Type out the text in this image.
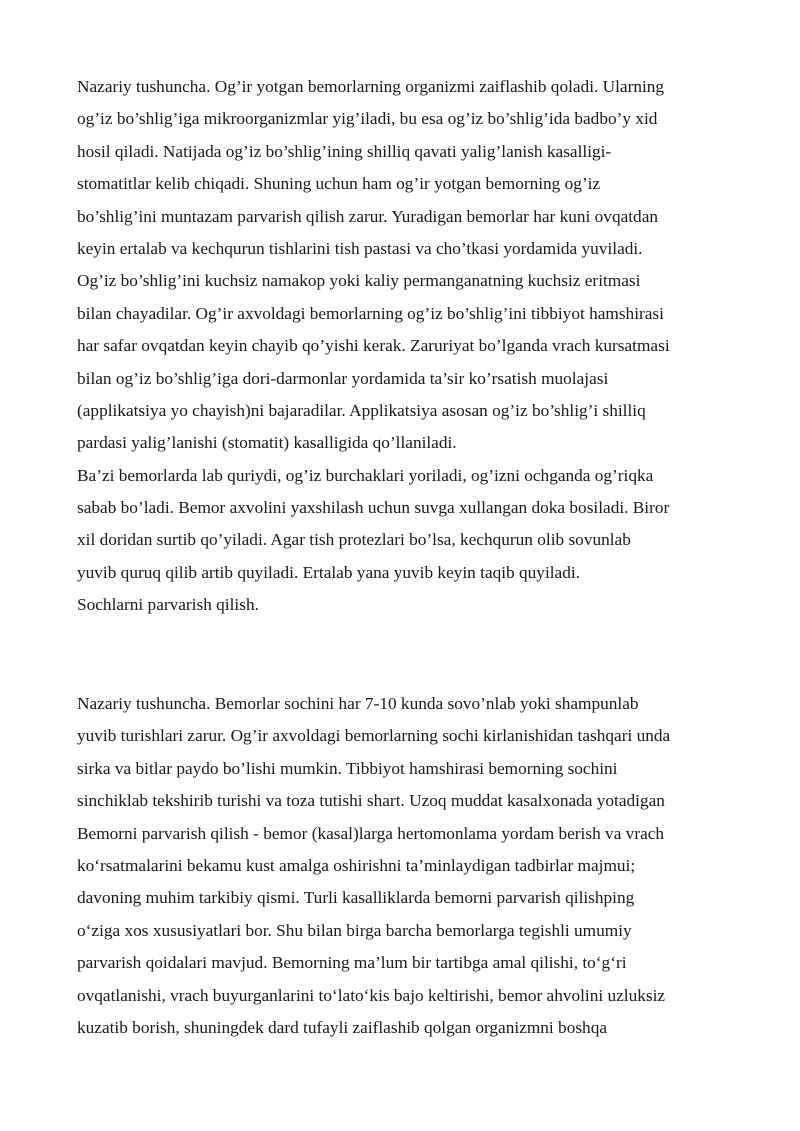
Nazariy tushuncha. Og’ir yotgan bemorlarning organizmi zaiflashib qoladi. Ularning
og’iz bo’shlig’iga mikroorganizmlar yig’iladi, bu esa og’iz bo’shlig’ida badbo’y xid
hosil qiladi. Natijada og’iz bo’shlig’ining shilliq qavati yalig’lanish kasalligi-
stomatitlar kelib chiqadi. Shuning uchun ham og’ir yotgan bemorning og’iz
bo’shlig’ini muntazam parvarish qilish zarur. Yuradigan bemorlar har kuni ovqatdan
keyin ertalab va kechqurun tishlarini tish pastasi va cho’tkasi yordamida yuviladi.
Og’iz bo’shlig’ini kuchsiz namakop yoki kaliy permanganatning kuchsiz eritmasi
bilan chayadilar. Og’ir axvoldagi bemorlarning og’iz bo’shlig’ini tibbiyot hamshirasi
har safar ovqatdan keyin chayib qo’yishi kerak. Zaruriyat bo’lganda vrach kursatmasi
bilan og’iz bo’shlig’iga dori-darmonlar yordamida ta’sir ko’rsatish muolajasi
(applikatsiya yo chayish)ni bajaradilar. Applikatsiya asosan og’iz bo’shlig’i shilliq
pardasi yalig’lanishi (stomatit) kasalligida qo’llaniladi.
Ba’zi bemorlarda lab quriydi, og’iz burchaklari yoriladi, og’izni ochganda og’riqka
sabab bo’ladi. Bemor axvolini yaxshilash uchun suvga xullangan doka bosiladi. Biror
xil doridan surtib qo’yiladi. Agar tish protezlari bo’lsa, kechqurun olib sovunlab
yuvib quruq qilib artib quyiladi. Ertalab yana yuvib keyin taqib quyiladi.
Sochlarni parvarish qilish.
Nazariy tushuncha. Bemorlar sochini har 7-10 kunda sovo’nlab yoki shampunlab
yuvib turishlari zarur. Og’ir axvoldagi bemorlarning sochi kirlanishidan tashqari unda
sirka va bitlar paydo bo’lishi mumkin. Tibbiyot hamshirasi bemorning sochini
sinchiklab tekshirib turishi va toza tutishi shart. Uzoq muddat kasalxonada yotadigan
Bemorni parvarish qilish - bemor (kasal)larga hertomonlama yordam berish va vrach
ko‘rsatmalarini bekamu kust amalga oshirishni ta’minlaydigan tadbirlar majmui;
davoning muhim tarkibiy qismi. Turli kasalliklarda bemorni parvarish qilishping
o‘ziga xos xususiyatlari bor. Shu bilan birga barcha bemorlarga tegishli umumiy
parvarish qoidalari mavjud. Bemorning ma’lum bir tartibga amal qilishi, to‘g‘ri
ovqatlanishi, vrach buyurganlarini to‘lato‘kis bajo keltirishi, bemor ahvolini uzluksiz
kuzatib borish, shuningdek dard tufayli zaiflashib qolgan organizmni boshqa
